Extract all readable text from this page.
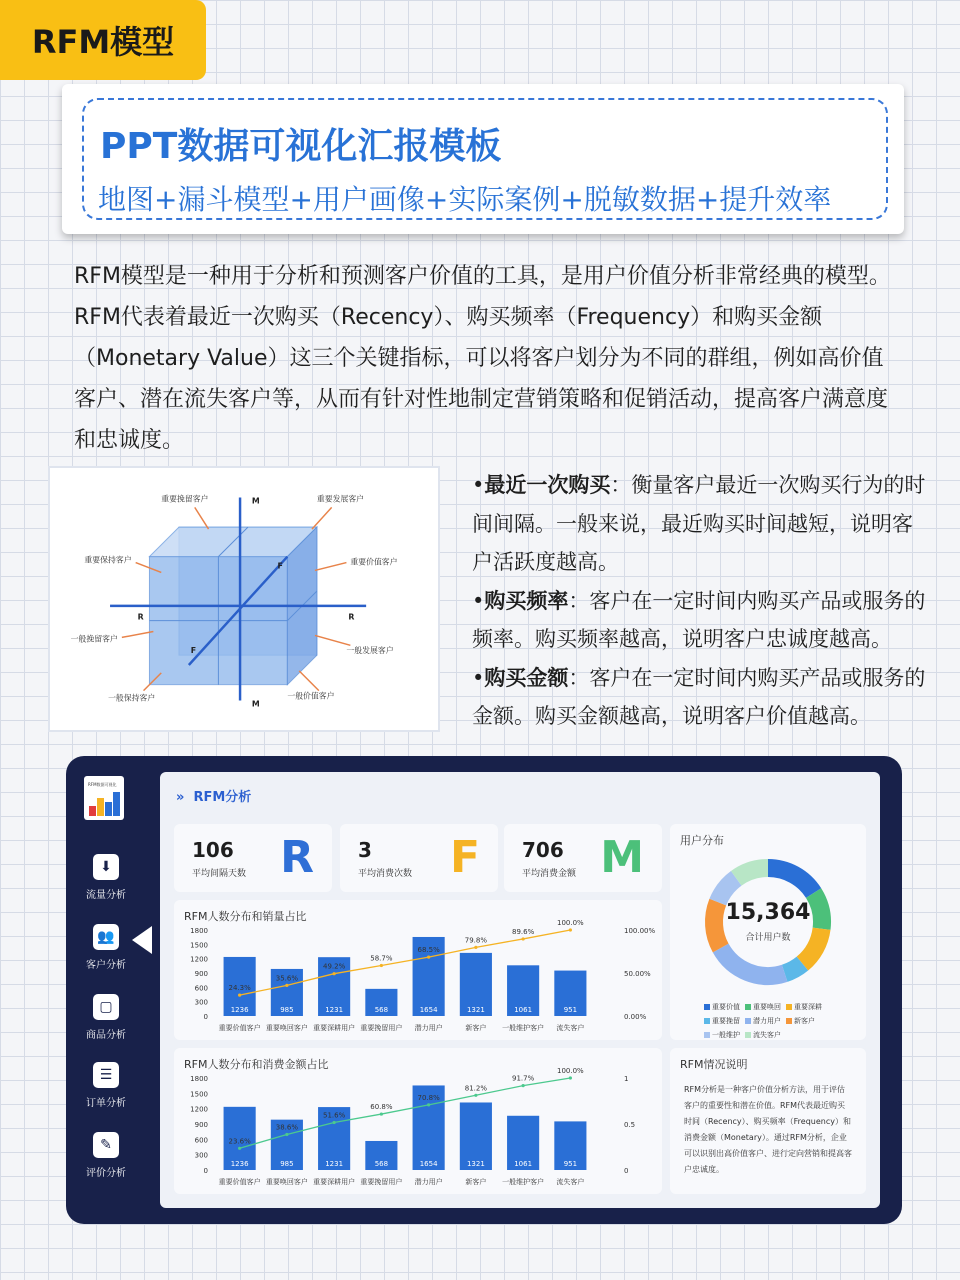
RFM模型
PPT数据可视化汇报模板
地图+漏斗模型+用户画像+实际案例+脱敏数据+提升效率
RFM模型是一种用于分析和预测客户价值的工具，是用户价值分析非常经典的模型。RFM代表着最近一次购买（Recency）、购买频率（Frequency）和购买金额（Monetary Value）这三个关键指标，可以将客户划分为不同的群组，例如高价值客户、潜在流失客户等，从而有针对性地制定营销策略和促销活动，提高客户满意度和忠诚度。
重要挽留客户	重要发展客户
重要保持客户	重要价值客户
一般挽留客户
一般发展客户
一般保持客户	一般价值客户
M
M
R	R
F
F

•最近一次购买：衡量客户最近一次购买行为的时间间隔。一般来说，最近购买时间越短，说明客户活跃度越高。

•购买频率：客户在一定时间内购买产品或服务的频率。购买频率越高，说明客户忠诚度越高。

•购买金额：客户在一定时间内购买产品或服务的金额。购买金额越高，说明客户价值越高。

RFM数据可视化
⬇
流量分析
👥
客户分析
▢
商品分析
☰
订单分析
✎
评价分析
» RFM分析
106
平均间隔天数 R 3
平均消费次数 F 706
平均消费金额 M
RFM人数分布和销量占比
1800
1500
1200
900
600
300
0
100.00%
50.00%
0.00%
1236
重要价值客户
985
重要唤回客户
1231
重要深耕用户
568
重要挽留用户
1654
潜力用户
1321
新客户
1061
一般维护客户
951
流失客户
24.3%
35.6%
49.2%
58.7%
68.5%
79.8%
89.6%
100.0%
RFM人数分布和消费金额占比
1800
1500
1200
900
600
300
0
1
0.5
0
1236
重要价值客户
985
重要唤回客户
1231
重要深耕用户
568
重要挽留用户
1654
潜力用户
1321
新客户
1061
一般维护客户
951
流失客户
23.6%
38.6%
51.6%
60.8%
70.8%
81.2%
91.7%
100.0%
用户分布
15,364
合计用户数
重要价值 重要唤回 重要深耕重要挽留 潜力用户 新客户一般维护 流失客户
RFM情况说明
RFM分析是一种客户价值分析方法，用于评估客户的重要性和潜在价值。RFM代表最近购买时间（Recency）、购买频率（Frequency）和消费金额（Monetary）。通过RFM分析，企业可以识别出高价值客户、进行定向营销和提高客户忠诚度。
